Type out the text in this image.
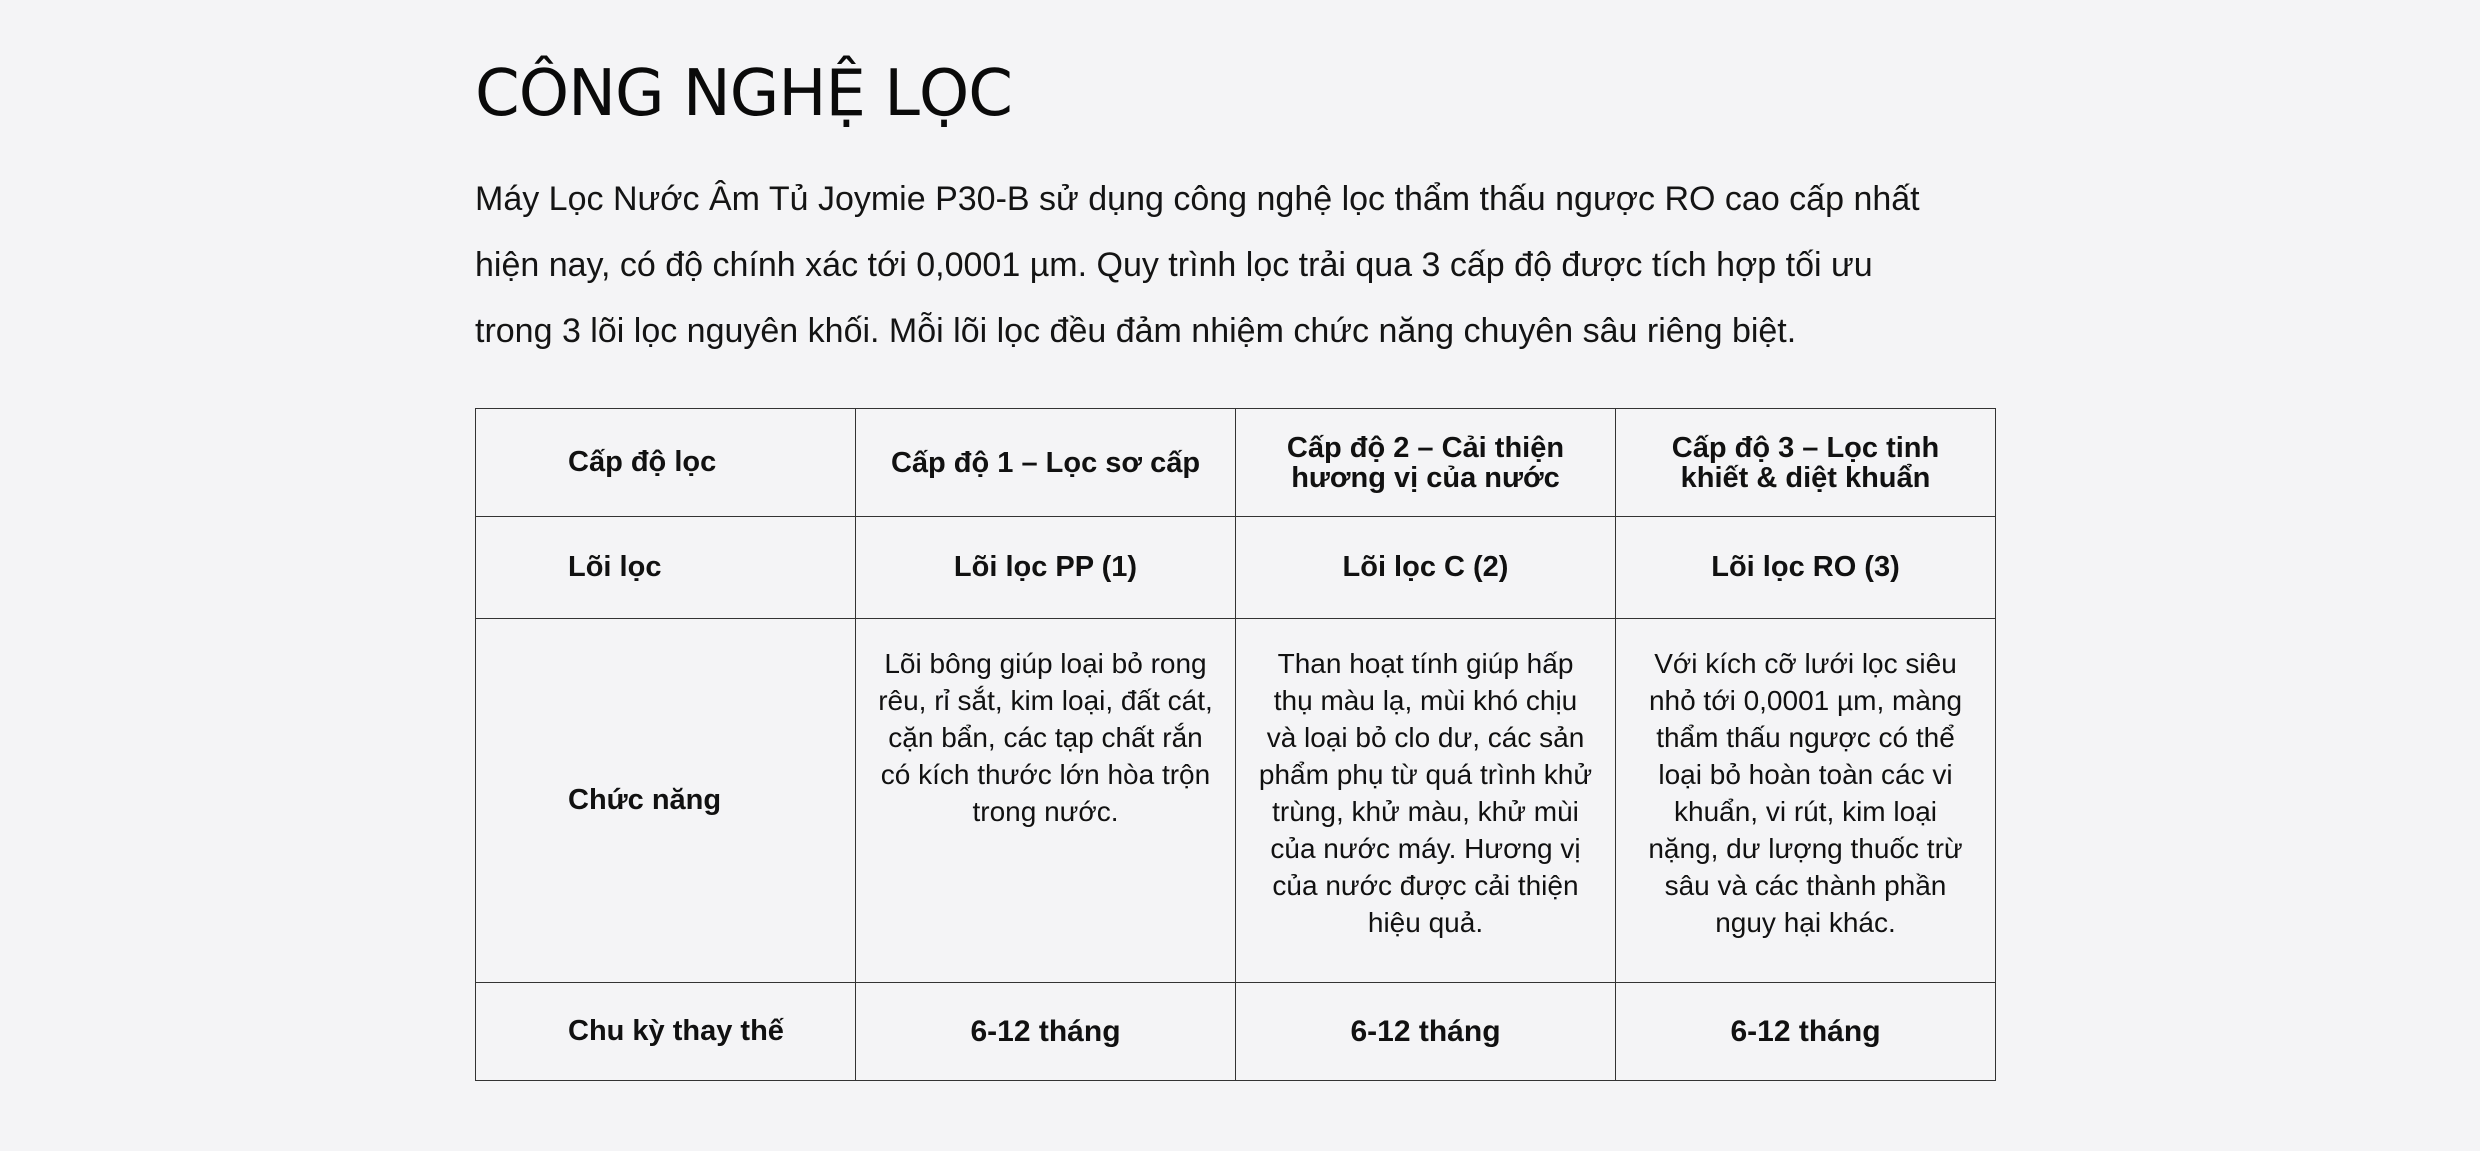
CÔNG NGHỆ LỌC

Máy Lọc Nước Âm Tủ Joymie P30-B sử dụng công nghệ lọc thẩm thấu ngược RO cao cấp nhất
hiện nay, có độ chính xác tới 0,0001 µm. Quy trình lọc trải qua 3 cấp độ được tích hợp tối ưu
trong 3 lõi lọc nguyên khối. Mỗi lõi lọc đều đảm nhiệm chức năng chuyên sâu riêng biệt.

Cấp độ lọc	Cấp độ 1 – Lọc sơ cấp	Cấp độ 2 – Cải thiện hương vị của nước	Cấp độ 3 – Lọc tinh khiết & diệt khuẩn
Lõi lọc	Lõi lọc PP (1)	Lõi lọc C (2)	Lõi lọc RO (3)
Chức năng	Lõi bông giúp loại bỏ rong rêu, rỉ sắt, kim loại, đất cát, cặn bẩn, các tạp chất rắn có kích thước lớn hòa trộn trong nước.	Than hoạt tính giúp hấp thụ màu lạ, mùi khó chịu và loại bỏ clo dư, các sản phẩm phụ từ quá trình khử trùng, khử màu, khử mùi của nước máy. Hương vị của nước được cải thiện hiệu quả.	Với kích cỡ lưới lọc siêu nhỏ tới 0,0001 µm, màng thẩm thấu ngược có thể loại bỏ hoàn toàn các vi khuẩn, vi rút, kim loại nặng, dư lượng thuốc trừ sâu và các thành phần nguy hại khác.
Chu kỳ thay thế	6-12 tháng	6-12 tháng	6-12 tháng
